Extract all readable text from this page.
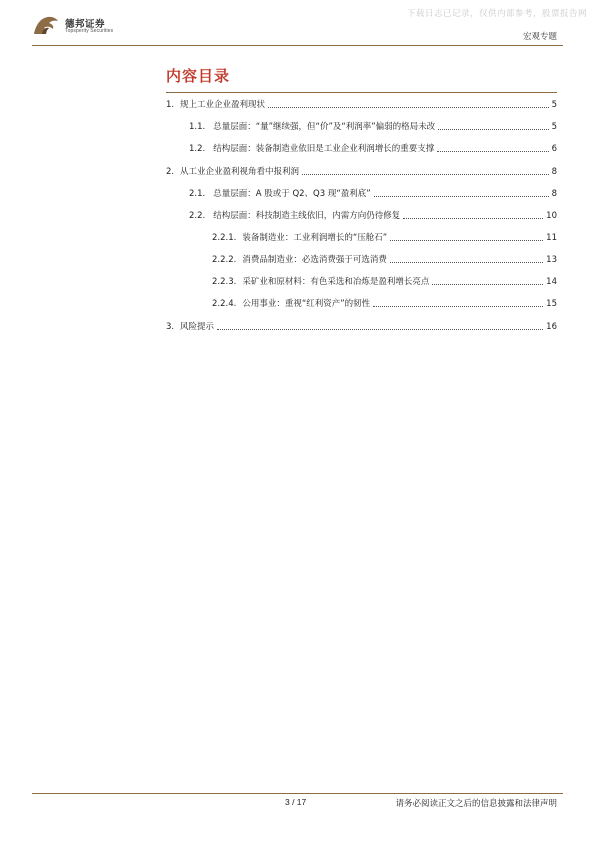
下载日志已记录，仅供内部参考，股票报告网
德邦证券
Topsperity Securities
宏观专题
内容目录
1. 规上工业企业盈利现状	5
1.1. 总量层面：“量”继续强，但“价”及“利润率”偏弱的格局未改	5
1.2. 结构层面：装备制造业依旧是工业企业利润增长的重要支撑	6
2. 从工业企业盈利视角看中报利润	8
2.1. 总量层面：A 股或于 Q2、Q3 现“盈利底”	8
2.2. 结构层面：科技制造主线依旧，内需方向仍待修复	10
2.2.1. 装备制造业：工业利润增长的“压舱石”	11
2.2.2. 消费品制造业：必选消费强于可选消费	13
2.2.3. 采矿业和原材料：有色采选和冶炼是盈利增长亮点	14
2.2.4. 公用事业：重视“红利资产”的韧性	15
3. 风险提示	16
3 / 17	请务必阅读正文之后的信息披露和法律声明
